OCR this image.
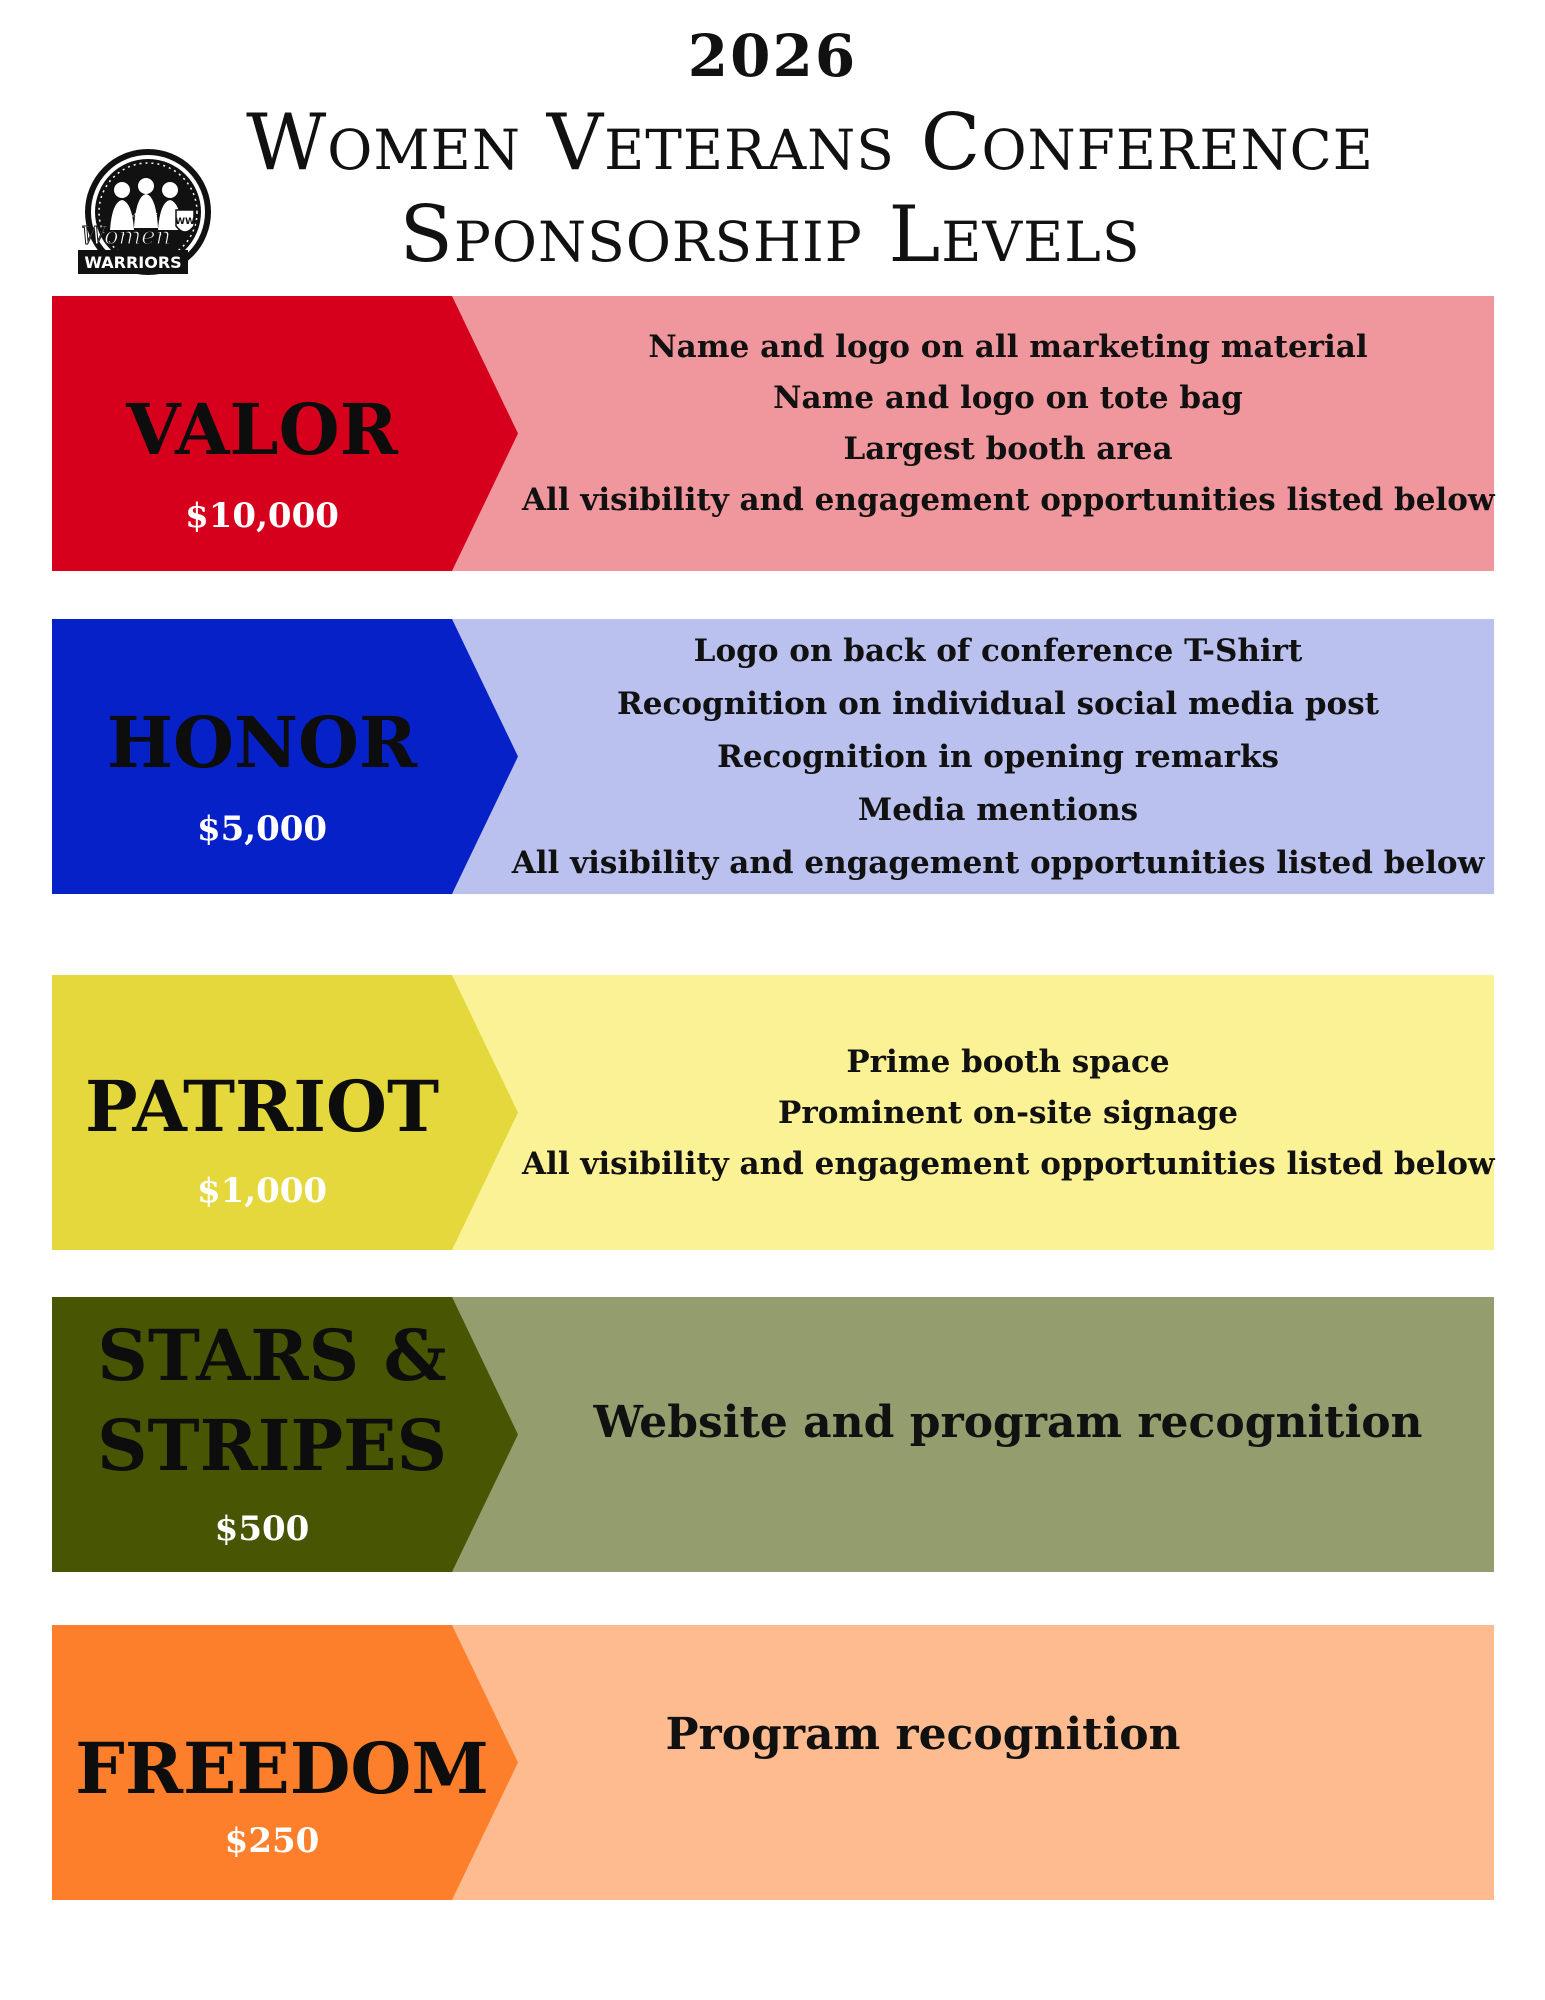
2026
Women Veterans Conference
Sponsorship Levels
WW
TRI-STATE
Women
WARRIORS
VALOR
$10,000
Name and logo on all marketing material
Name and logo on tote bag
Largest booth area
All visibility and engagement opportunities listed below
HONOR
$5,000
Logo on back of conference T-Shirt
Recognition on individual social media post
Recognition in opening remarks
Media mentions
All visibility and engagement opportunities listed below
PATRIOT
$1,000
Prime booth space
Prominent on-site signage
All visibility and engagement opportunities listed below
STARS &
STRIPES
$500
Website and program recognition
FREEDOM
$250
Program recognition
